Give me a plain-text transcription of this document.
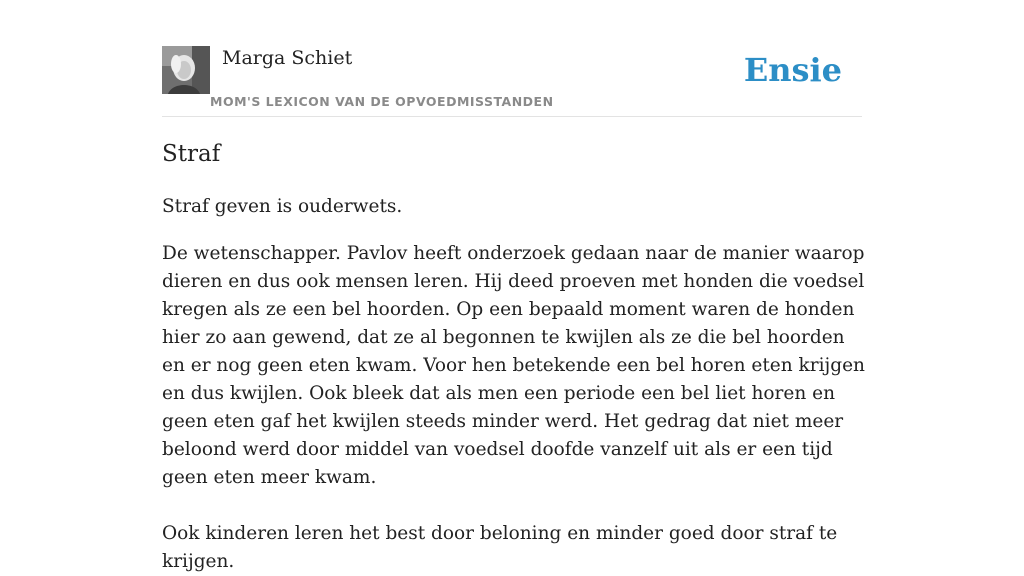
Marga Schiet
MOM'S LEXICON VAN DE OPVOEDMISSTANDEN
Ensie
Straf

Straf geven is ouderwets.

De wetenschapper. Pavlov heeft onderzoek gedaan naar de manier waarop dieren en dus ook mensen leren. Hij deed proeven met honden die voedsel kregen als ze een bel hoorden. Op een bepaald moment waren de honden hier zo aan gewend, dat ze al begonnen te kwijlen als ze die bel hoorden en er nog geen eten kwam. Voor hen betekende een bel horen eten krijgen en dus kwijlen. Ook bleek dat als men een periode een bel liet horen en geen eten gaf het kwijlen steeds minder werd. Het gedrag dat niet meer beloond werd door middel van voedsel doofde vanzelf uit als er een tijd geen eten meer kwam.

Ook kinderen leren het best door beloning en minder goed door straf te krijgen.
